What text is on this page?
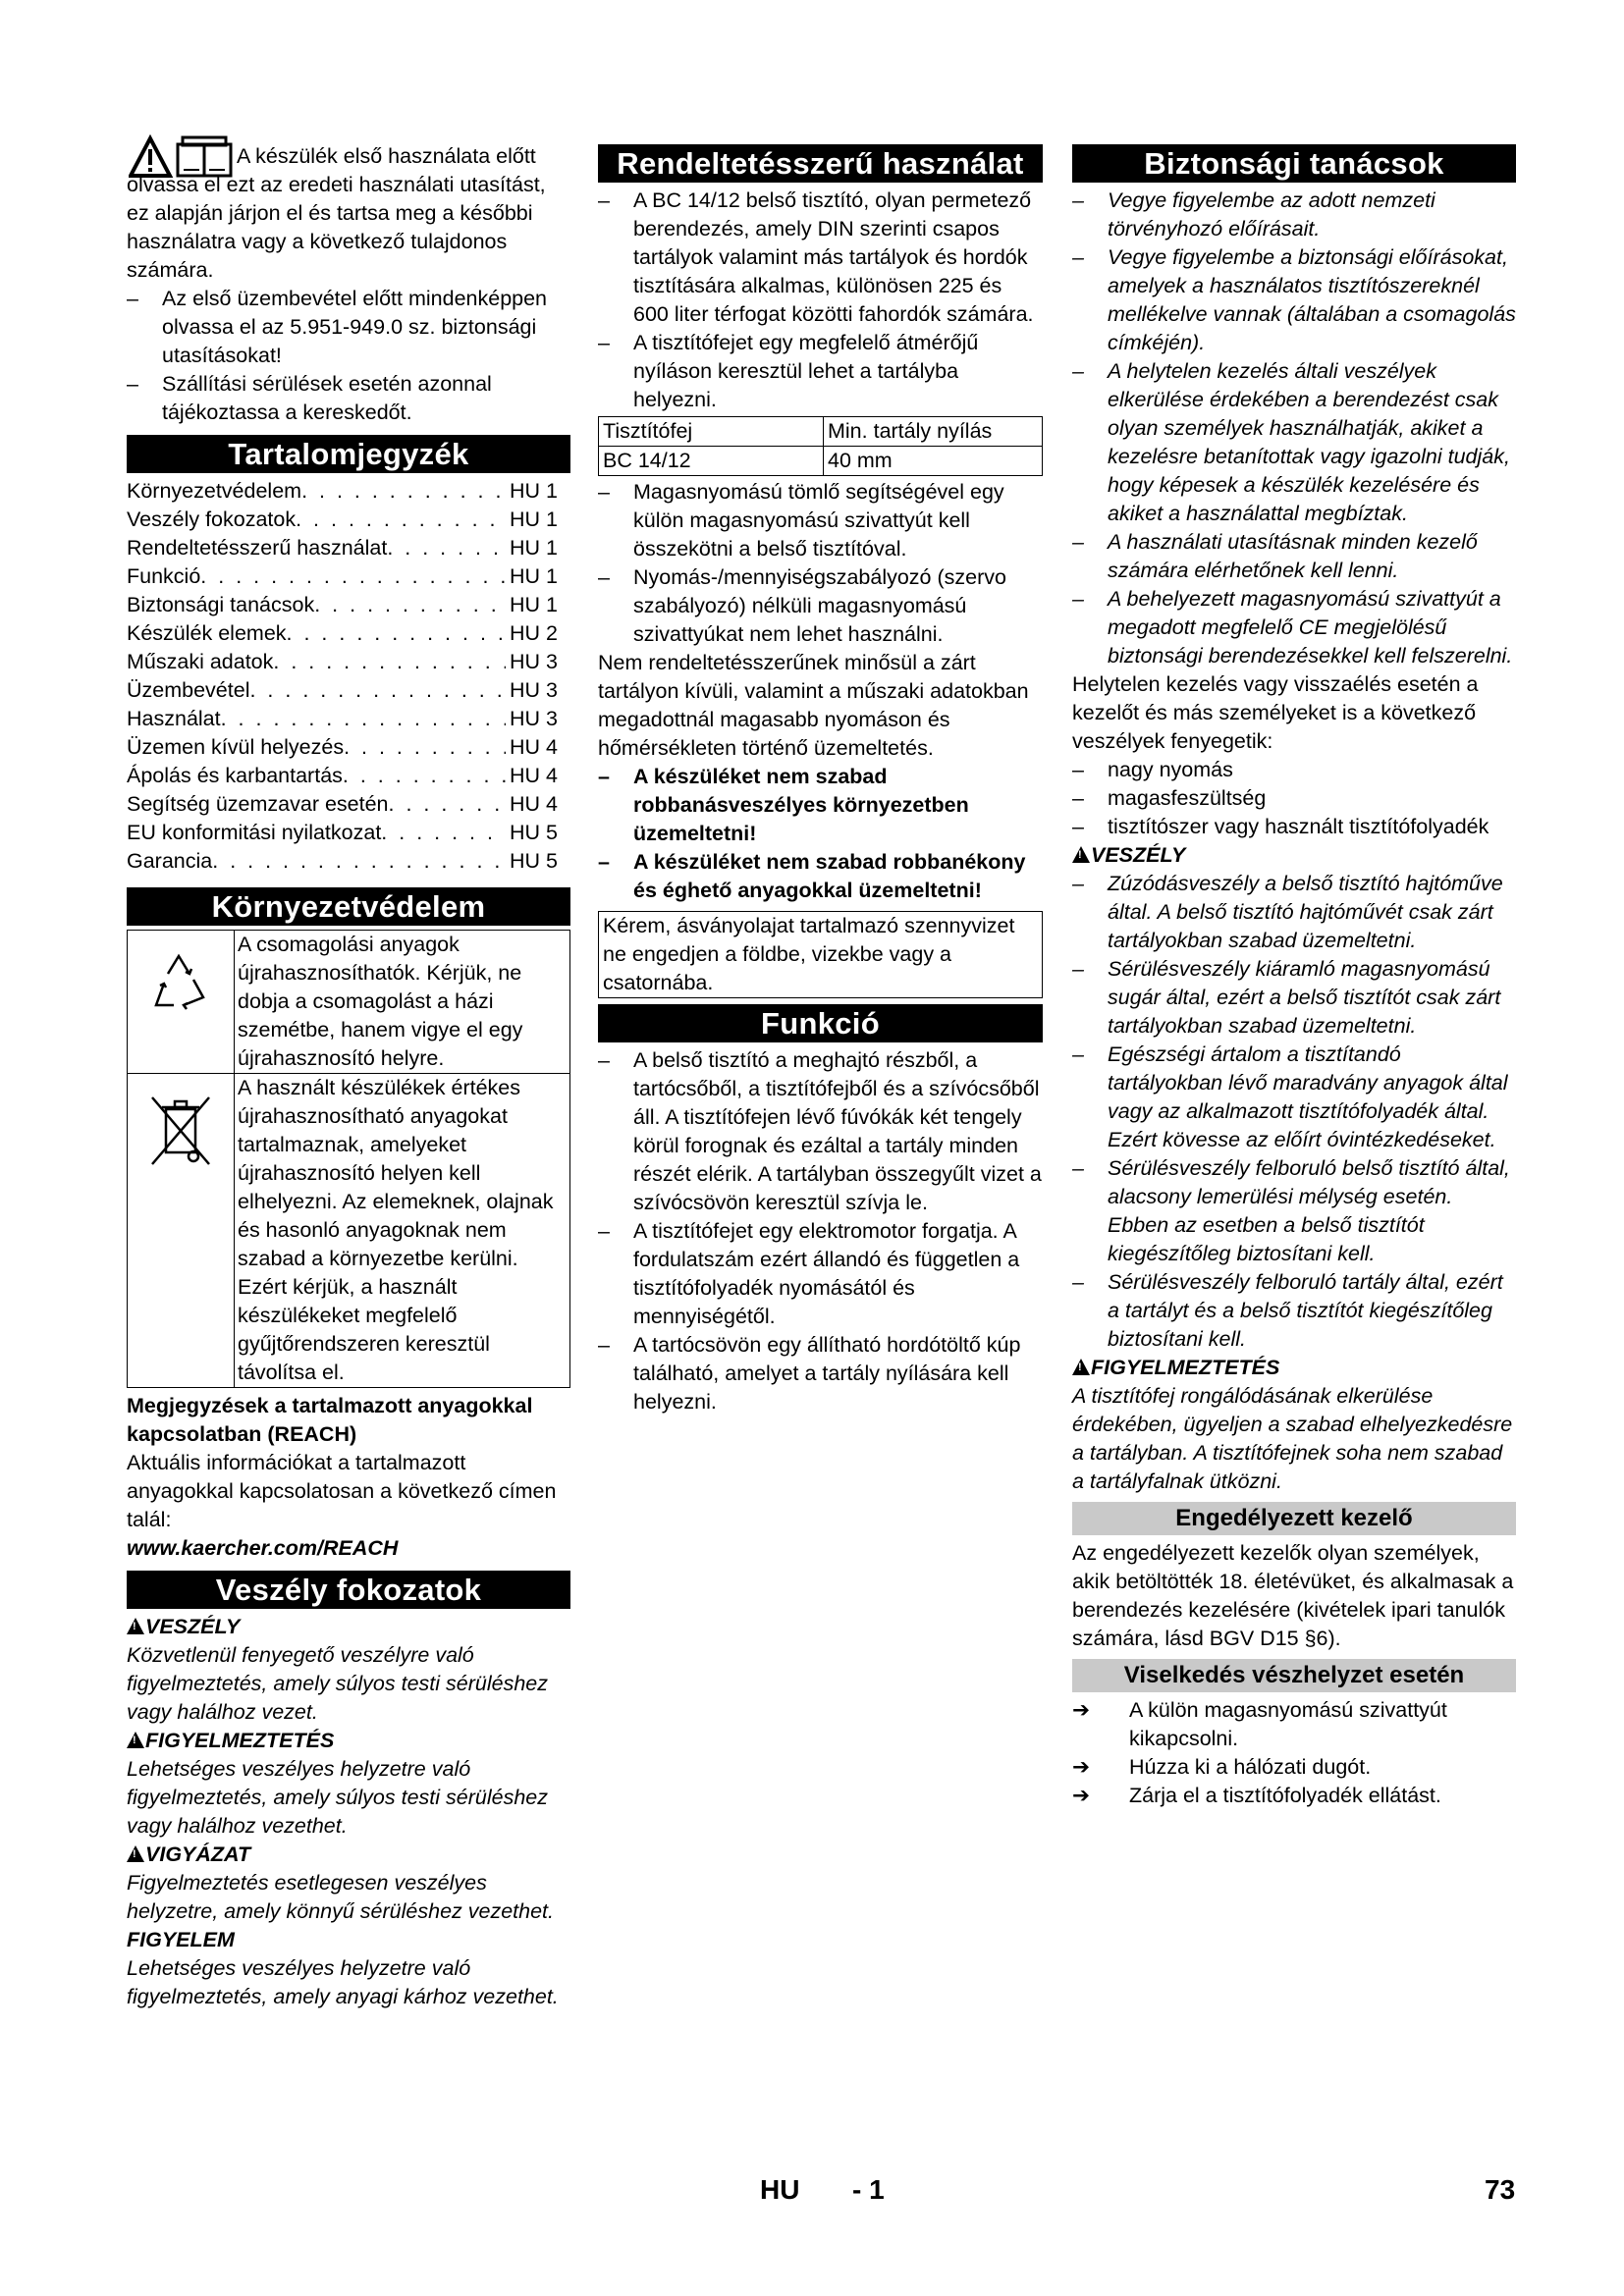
A készülék első használata előtt olvassa el ezt az eredeti használati utasítást, ez alapján járjon el és tartsa meg a későbbi használatra vagy a következő tulajdonos számára.

– Az első üzembevétel előtt mindenképpen olvassa el az 5.951-949.0 sz. biztonsági utasításokat!

– Szállítási sérülések esetén azonnal tájékoztassa a kereskedőt.

Tartalomjegyzék
Környezetvédelem . . .	HU 1
Veszély fokozatok . . .	HU 1
Rendeltetésszerű használat . . .	HU 1
Funkció . . .	HU 1
Biztonsági tanácsok . . .	HU 1
Készülék elemek . . .	HU 2
Műszaki adatok . . .	HU 3
Üzembevétel . . .	HU 3
Használat . . .	HU 3
Üzemen kívül helyezés . . .	HU 4
Ápolás és karbantartás . . .	HU 4
Segítség üzemzavar esetén . . .	HU 4
EU konformitási nyilatkozat . . .	HU 5
Garancia . . .	HU 5
Környezetvédelem
	A csomagolási anyagok újrahasznosíthatók. Kérjük, ne dobja a csomagolást a házi szemétbe, hanem vigye el egy újrahasznosító helyre.
	A használt készülékek értékes újrahasznosítható anyagokat tartalmaznak, amelyeket újrahasznosító helyen kell elhelyezni. Az elemeknek, olajnak és hasonló anyagoknak nem szabad a környezetbe kerülni. Ezért kérjük, a használt készülékeket megfelelő gyűjtőrendszeren keresztül távolítsa el.

Megjegyzések a tartalmazott anyagokkal kapcsolatban (REACH)

Aktuális információkat a tartalmazott anyagokkal kapcsolatosan a következő címen talál:

www.kaercher.com/REACH

Veszély fokozatok

!VESZÉLY

Közvetlenül fenyegető veszélyre való figyelmeztetés, amely súlyos testi sérüléshez vagy halálhoz vezet.

!FIGYELMEZTETÉS

Lehetséges veszélyes helyzetre való figyelmeztetés, amely súlyos testi sérüléshez vagy halálhoz vezethet.

!VIGYÁZAT

Figyelmeztetés esetlegesen veszélyes helyzetre, amely könnyű sérüléshez vezethet.

FIGYELEM

Lehetséges veszélyes helyzetre való figyelmeztetés, amely anyagi kárhoz vezethet.

Rendeltetésszerű használat

– A BC 14/12 belső tisztító, olyan permetező berendezés, amely DIN szerinti csapos tartályok valamint más tartályok és hordók tisztítására alkalmas, különösen 225 és 600 liter térfogat közötti fahordók számára.

– A tisztítófejet egy megfelelő átmérőjű nyíláson keresztül lehet a tartályba helyezni.

Tisztítófej	Min. tartály nyílás
BC 14/12	40 mm

– Magasnyomású tömlő segítségével egy külön magasnyomású szivattyút kell összekötni a belső tisztítóval.

– Nyomás-/mennyiségszabályozó (szervo szabályozó) nélküli magasnyomású szivattyúkat nem lehet használni.

Nem rendeltetésszerűnek minősül a zárt tartályon kívüli, valamint a műszaki adatokban megadottnál magasabb nyomáson és hőmérsékleten történő üzemeltetés.

– A készüléket nem szabad robbanásveszélyes környezetben üzemeltetni!

– A készüléket nem szabad robbanékony és éghető anyagokkal üzemeltetni!

Kérem, ásványolajat tartalmazó szennyvizet ne engedjen a földbe, vizekbe vagy a csatornába.
Funkció

– A belső tisztító a meghajtó részből, a tartócsőből, a tisztítófejből és a szívócsőből áll. A tisztítófejen lévő fúvókák két tengely körül forognak és ezáltal a tartály minden részét elérik. A tartályban összegyűlt vizet a szívócsövön keresztül szívja le.

– A tisztítófejet egy elektromotor forgatja. A fordulatszám ezért állandó és független a tisztítófolyadék nyomásától és mennyiségétől.

– A tartócsövön egy állítható hordótöltő kúp található, amelyet a tartály nyílására kell helyezni.

Biztonsági tanácsok

– Vegye figyelembe az adott nemzeti törvényhozó előírásait.

– Vegye figyelembe a biztonsági előírásokat, amelyek a használatos tisztítószereknél mellékelve vannak (általában a csomagolás címkéjén).

– A helytelen kezelés általi veszélyek elkerülése érdekében a berendezést csak olyan személyek használhatják, akiket a kezelésre betanítottak vagy igazolni tudják, hogy képesek a készülék kezelésére és akiket a használattal megbíztak.

– A használati utasításnak minden kezelő számára elérhetőnek kell lenni.

– A behelyezett magasnyomású szivattyút a megadott megfelelő CE megjelölésű biztonsági berendezésekkel kell felszerelni.

Helytelen kezelés vagy visszaélés esetén a kezelőt és más személyeket is a következő veszélyek fenyegetik:

– nagy nyomás

– magasfeszültség

– tisztítószer vagy használt tisztítófolyadék

!VESZÉLY

– Zúzódásveszély a belső tisztító hajtóműve által. A belső tisztító hajtóművét csak zárt tartályokban szabad üzemeltetni.

– Sérülésveszély kiáramló magasnyomású sugár által, ezért a belső tisztítót csak zárt tartályokban szabad üzemeltetni.

– Egészségi ártalom a tisztítandó tartályokban lévő maradvány anyagok által vagy az alkalmazott tisztítófolyadék által. Ezért kövesse az előírt óvintézkedéseket.

– Sérülésveszély felboruló belső tisztító által, alacsony lemerülési mélység esetén. Ebben az esetben a belső tisztítót kiegészítőleg biztosítani kell.

– Sérülésveszély felboruló tartály által, ezért a tartályt és a belső tisztítót kiegészítőleg biztosítani kell.

!FIGYELMEZTETÉS

A tisztítófej rongálódásának elkerülése érdekében, ügyeljen a szabad elhelyezkedésre a tartályban. A tisztítófejnek soha nem szabad a tartályfalnak ütközni.

Engedélyezett kezelő

Az engedélyezett kezelők olyan személyek, akik betöltötték 18. életévüket, és alkalmasak a berendezés kezelésére (kivételek ipari tanulók számára, lásd BGV D15 §6).

Viselkedés vészhelyzet esetén

➔ A külön magasnyomású szivattyút kikapcsolni.

➔ Húzza ki a hálózati dugót.

➔ Zárja el a tisztítófolyadék ellátást.

HU - 1	73
